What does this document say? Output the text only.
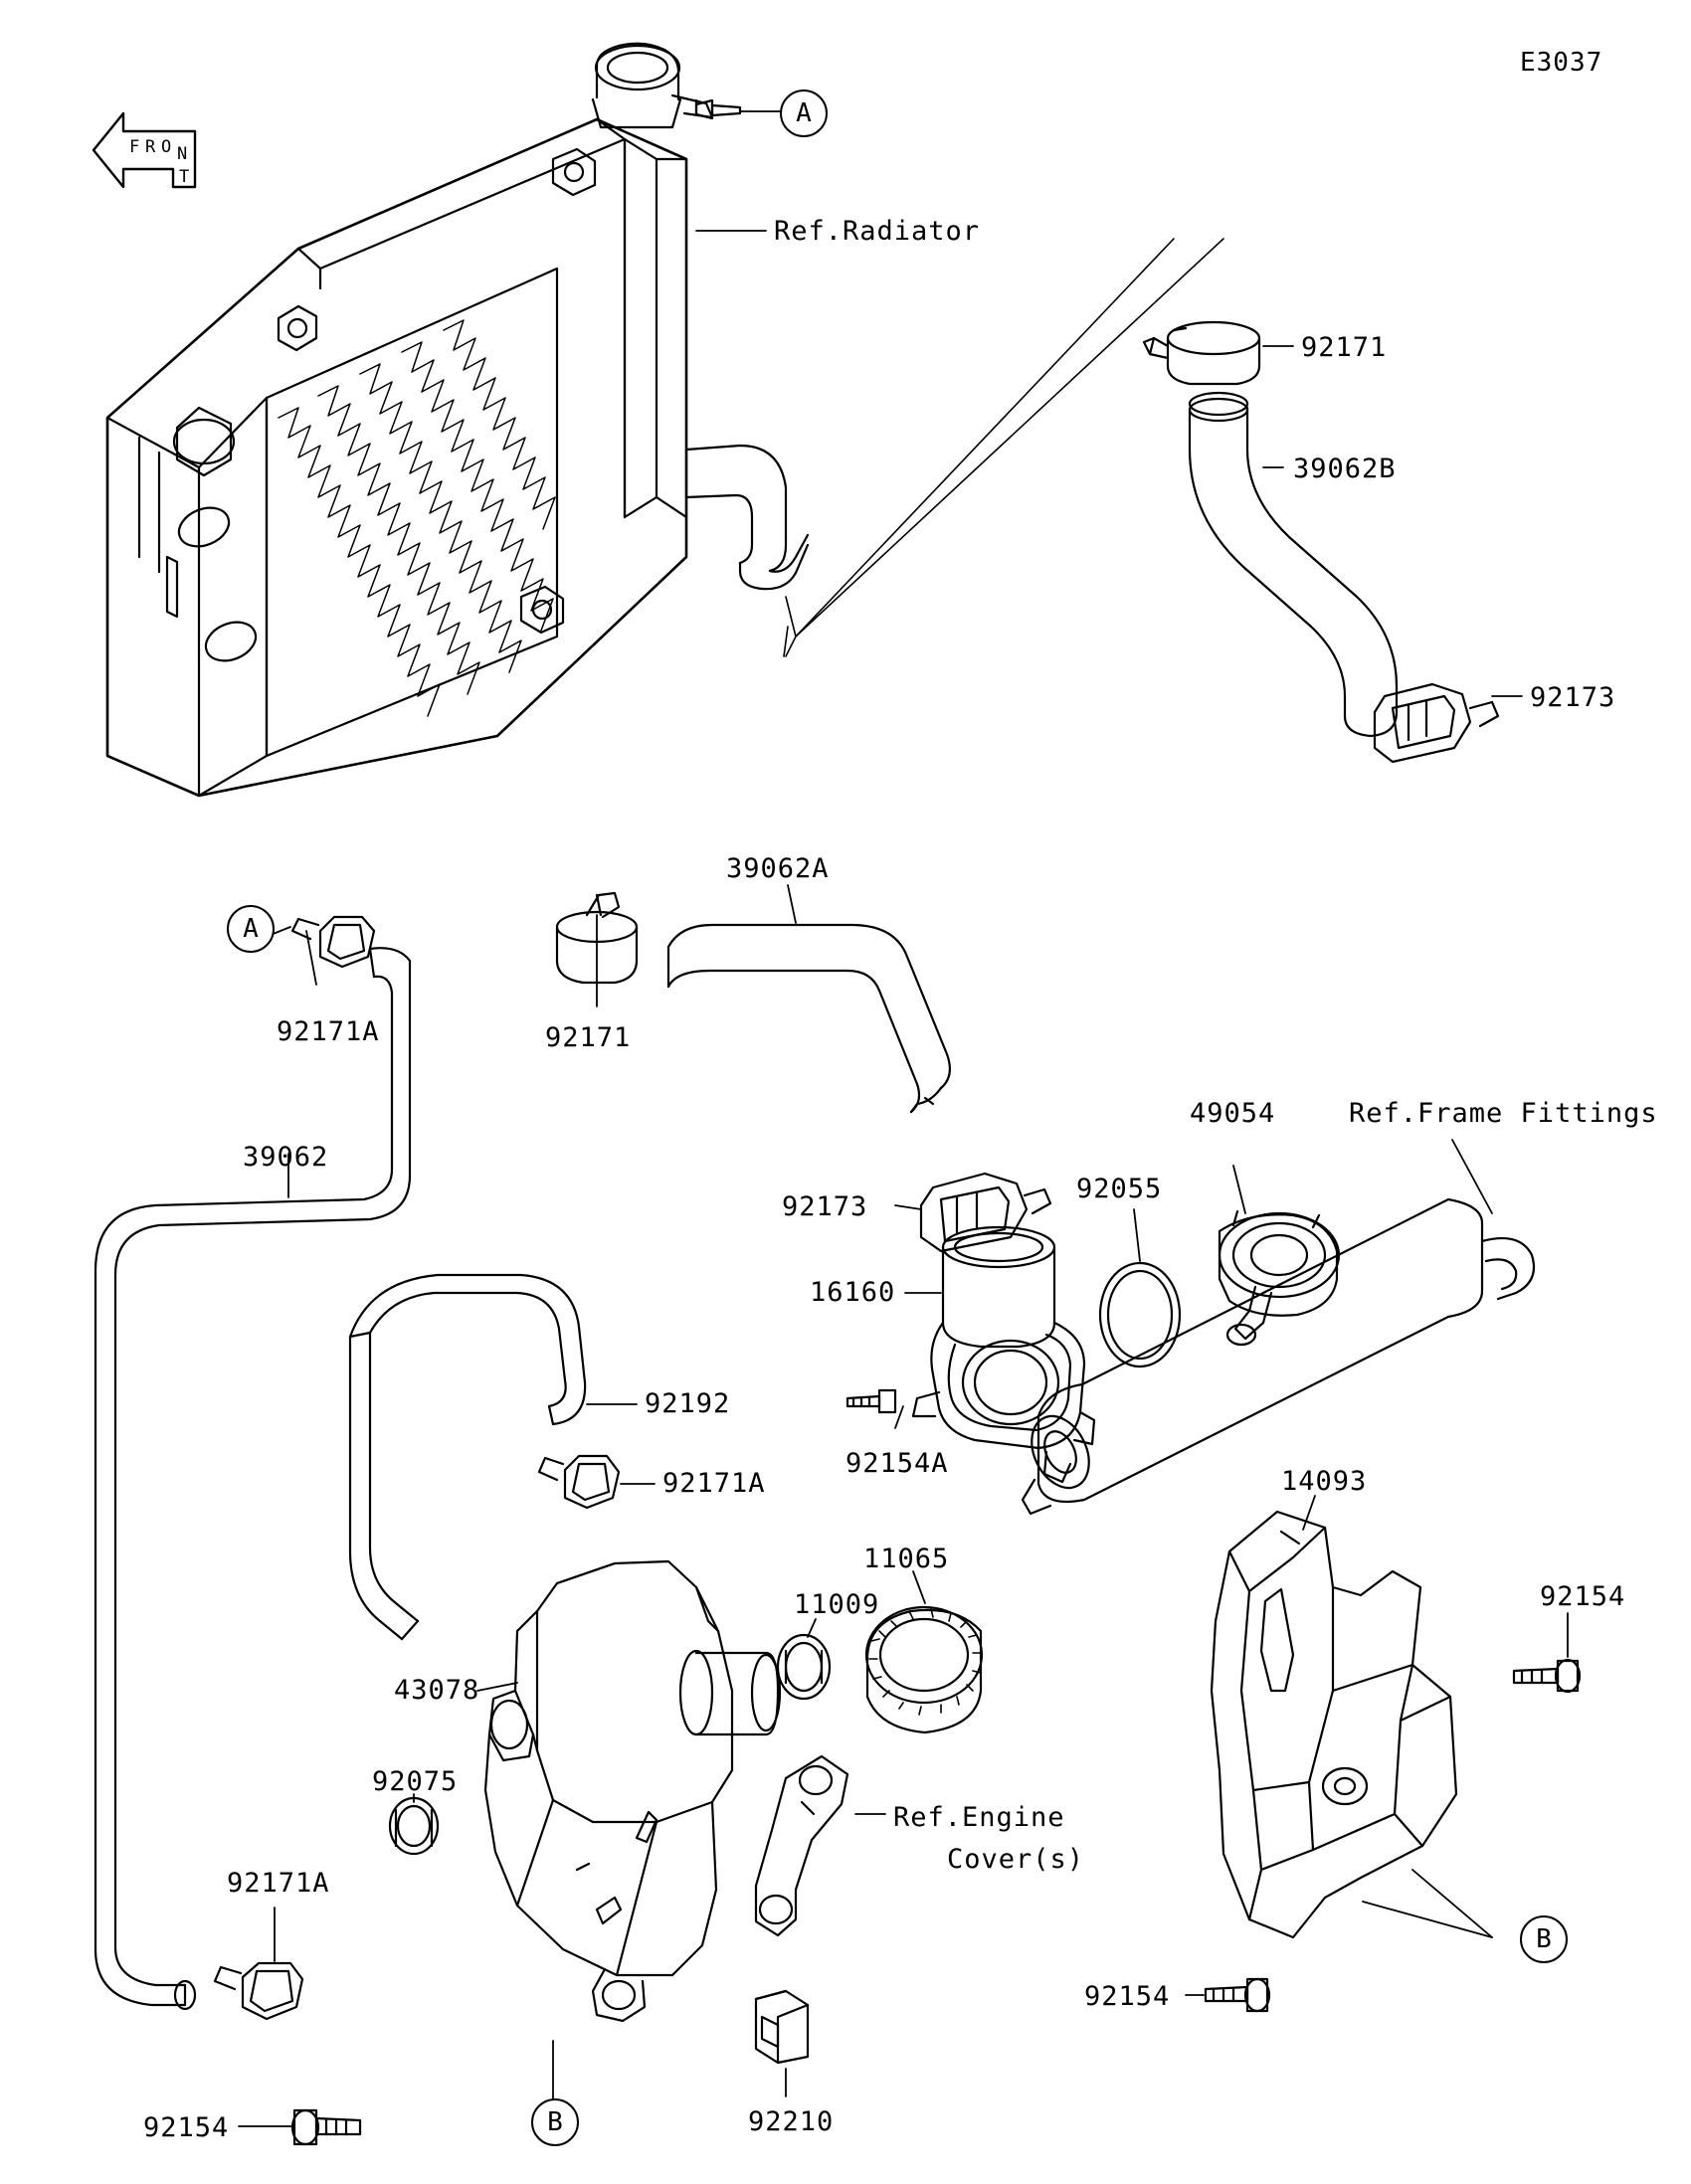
F R O N
T
E3037
Ref.Radiator
92171
39062B
92173
39062A
92171A	92171
39062
49054	Ref.Frame Fittings
92055
92173
16160
92154A
92192
92171A
11065
11009
14093
92154
43078
92075
Ref.Engine
Cover(s)
92171A
92154
92154	92210
A
A
B
B
